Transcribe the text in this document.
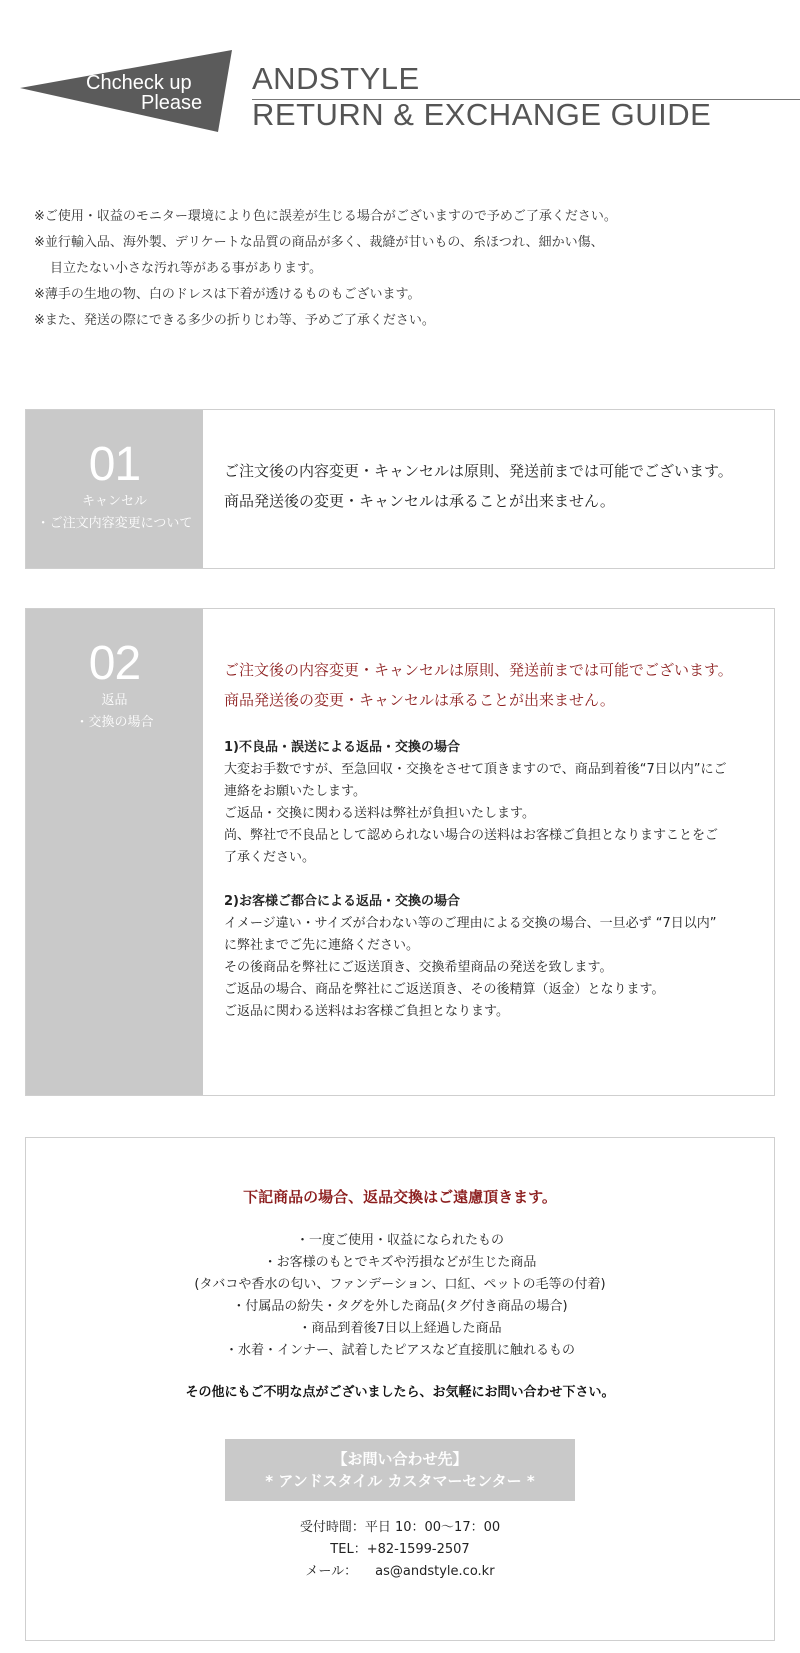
Chcheck up
Please
ANDSTYLE
RETURN & EXCHANGE GUIDE
※ご使用・収益のモニター環境により色に誤差が生じる場合がございますので予めご了承ください。
※並行輸入品、海外製、デリケートな品質の商品が多く、裁縫が甘いもの、糸ほつれ、細かい傷、
目立たない小さな汚れ等がある事があります。
※薄手の生地の物、白のドレスは下着が透けるものもございます。
※また、発送の際にできる多少の折りじわ等、予めご了承ください。
01
キャンセル
・ご注文内容変更について
ご注文後の内容変更・キャンセルは原則、発送前までは可能でございます。
商品発送後の変更・キャンセルは承ることが出来ません。
02
返品
・交換の場合
ご注文後の内容変更・キャンセルは原則、発送前までは可能でございます。
商品発送後の変更・キャンセルは承ることが出来ません。
1)不良品・誤送による返品・交換の場合
大変お手数ですが、至急回収・交換をさせて頂きますので、商品到着後“7日以内”にご
連絡をお願いたします。
ご返品・交換に関わる送料は弊社が負担いたします。
尚、弊社で不良品として認められない場合の送料はお客様ご負担となりますことをご
了承ください。
2)お客様ご都合による返品・交換の場合
イメージ違い・サイズが合わない等のご理由による交換の場合、一旦必ず “7日以内”
に弊社までご先に連絡ください。
その後商品を弊社にご返送頂き、交換希望商品の発送を致します。
ご返品の場合、商品を弊社にご返送頂き、その後精算（返金）となります。
ご返品に関わる送料はお客様ご負担となります。
下記商品の場合、返品交換はご遠慮頂きます。
・一度ご使用・収益になられたもの
・お客様のもとでキズや汚損などが生じた商品
(タバコや香水の匂い、ファンデーション、口紅、ペットの毛等の付着)
・付属品の紛失・タグを外した商品(タグ付き商品の場合)
・商品到着後7日以上経過した商品
・水着・インナー、試着したピアスなど直接肌に触れるもの
その他にもご不明な点がございましたら、お気軽にお問い合わせ下さい。
【お問い合わせ先】
* アンドスタイル カスタマーセンター *
受付時間：平日 10：00～17：00
TEL：+82-1599-2507
メール： as@andstyle.co.kr
